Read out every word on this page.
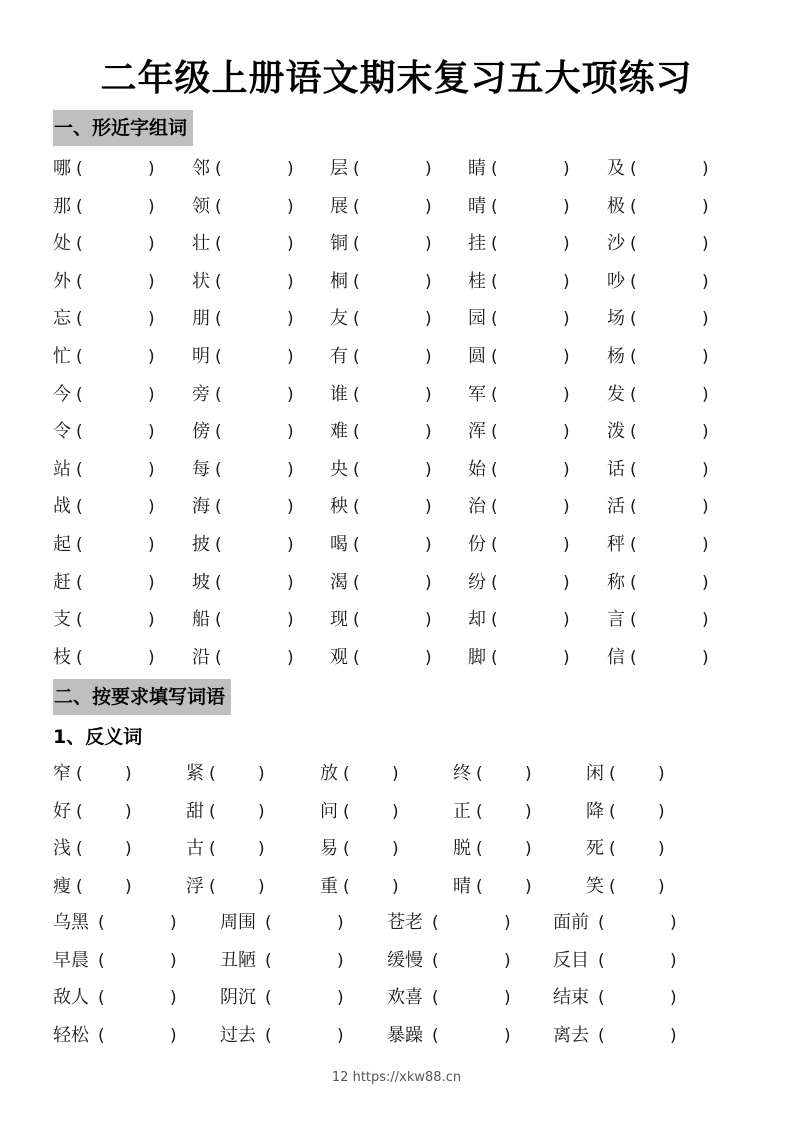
二年级上册语文期末复习五大项练习
一、形近字组词
哪 (	) 邻 (	) 层 (	) 睛 (	) 及 (	)
那 (	) 领 (	) 展 (	) 晴 (	) 极 (	)
处 (	) 壮 (	) 铜 (	) 挂 (	) 沙 (	)
外 (	) 状 (	) 桐 (	) 桂 (	) 吵 (	)
忘 (	) 朋 (	) 友 (	) 园 (	) 场 (	)
忙 (	) 明 (	) 有 (	) 圆 (	) 杨 (	)
今 (	) 旁 (	) 谁 (	) 军 (	) 发 (	)
令 (	) 傍 (	) 难 (	) 浑 (	) 泼 (	)
站 (	) 每 (	) 央 (	) 始 (	) 话 (	)
战 (	) 海 (	) 秧 (	) 治 (	) 活 (	)
起 (	) 披 (	) 喝 (	) 份 (	) 秤 (	)
赶 (	) 坡 (	) 渴 (	) 纷 (	) 称 (	)
支 (	) 船 (	) 现 (	) 却 (	) 言 (	)
枝 (	) 沿 (	) 观 (	) 脚 (	) 信 (	)
二、按要求填写词语
1、反义词
窄 ( )	紧 ( )	放 ( )	终 ( )	闲 ( )
好 ( )	甜 ( )	问 ( )	正 ( )	降 ( )
浅 ( )	古 ( )	易 ( )	脱 ( )	死 ( )
瘦 ( )	浮 ( )	重 ( )	晴 ( )	笑 ( )
乌黑 (	) 周围 (	) 苍老 (	) 面前 (	)
早晨 (	) 丑陋 (	) 缓慢 (	) 反目 (	)
敌人 (	) 阴沉 (	) 欢喜 (	) 结束 (	)
轻松 (	) 过去 (	) 暴躁 (	) 离去 (	)
12 https://xkw88.cn
